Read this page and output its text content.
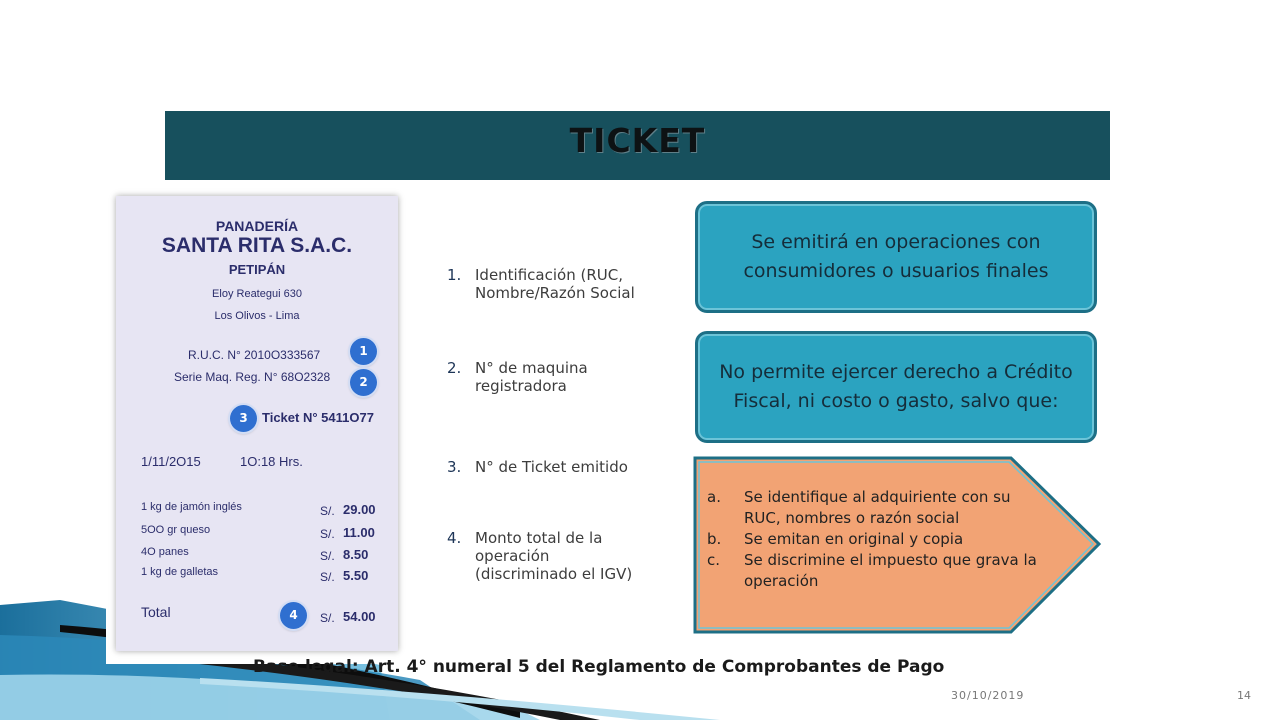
TICKET
PANADERÍA
SANTA RITA S.A.C.
PETIPÁN
Eloy Reategui 630
Los Olivos - Lima
R.U.C. N° 2010O333567	1
Serie Maq. Reg. N° 68O2328	2
3	Ticket N° 5411O77
1/11/2O15	1O:18 Hrs.
1 kg de jamón inglés	S/. 29.00
5OO gr queso	S/. 11.00
4O panes	S/. 8.50
1 kg de galletas	S/. 5.50
Total	4	S/. 54.00
1. Identificación (RUC, Nombre/Razón Social
2. N° de maquina registradora
3. N° de Ticket emitido
4. Monto total de la operación (discriminado el IGV)
Se emitirá en operaciones con consumidores o usuarios finales
No permite ejercer derecho a Crédito Fiscal, ni costo o gasto, salvo que:
a. Se identifique al adquiriente con su RUC, nombres o razón social
b. Se emitan en original y copia
c. Se discrimine el impuesto que grava la operación
Base legal: Art. 4° numeral 5 del Reglamento de Comprobantes de Pago
30/10/2019	14
